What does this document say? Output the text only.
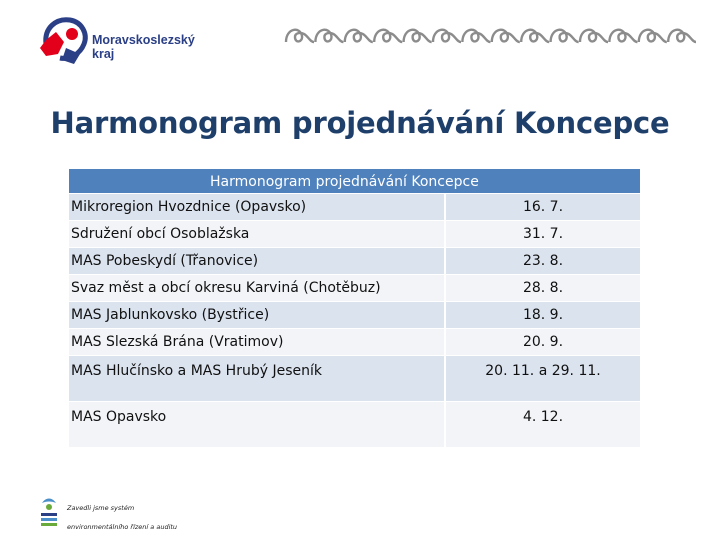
Moravskoslezský
kraj
Harmonogram projednávání Koncepce
Harmonogram projednávání Koncepce
Mikroregion Hvozdnice (Opavsko)	16. 7.
Sdružení obcí Osoblažska	31. 7.
MAS Pobeskydí (Třanovice)	23. 8.
Svaz měst a obcí okresu Karviná (Chotěbuz)	28. 8.
MAS Jablunkovsko (Bystřice)	18. 9.
MAS Slezská Brána (Vratimov)	20. 9.
MAS Hlučínsko a MAS Hrubý Jeseník	20. 11. a 29. 11.
MAS Opavsko	4. 12.
Zavedli jsme systém
environmentálního řízení a auditu
